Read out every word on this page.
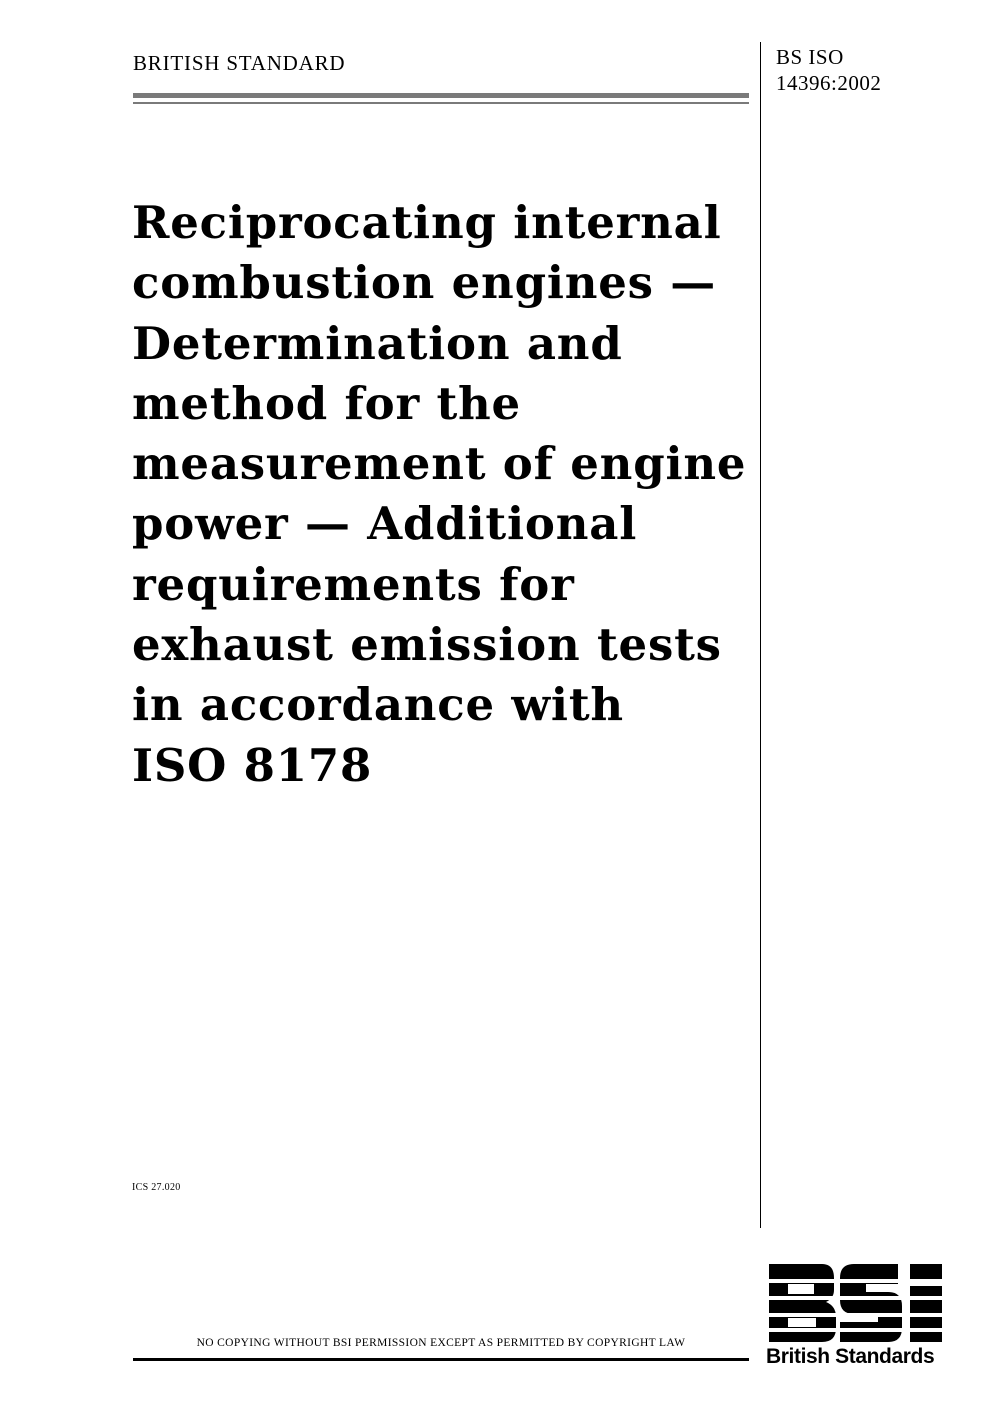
BRITISH STANDARD	BS ISO
14396:2002
Reciprocating internal
combustion engines —
Determination and
method for the
measurement of engine
power — Additional
requirements for
exhaust emission tests
in accordance with
ISO 8178
ICS 27.020
NO COPYING WITHOUT BSI PERMISSION EXCEPT AS PERMITTED BY COPYRIGHT LAW
British Standards
